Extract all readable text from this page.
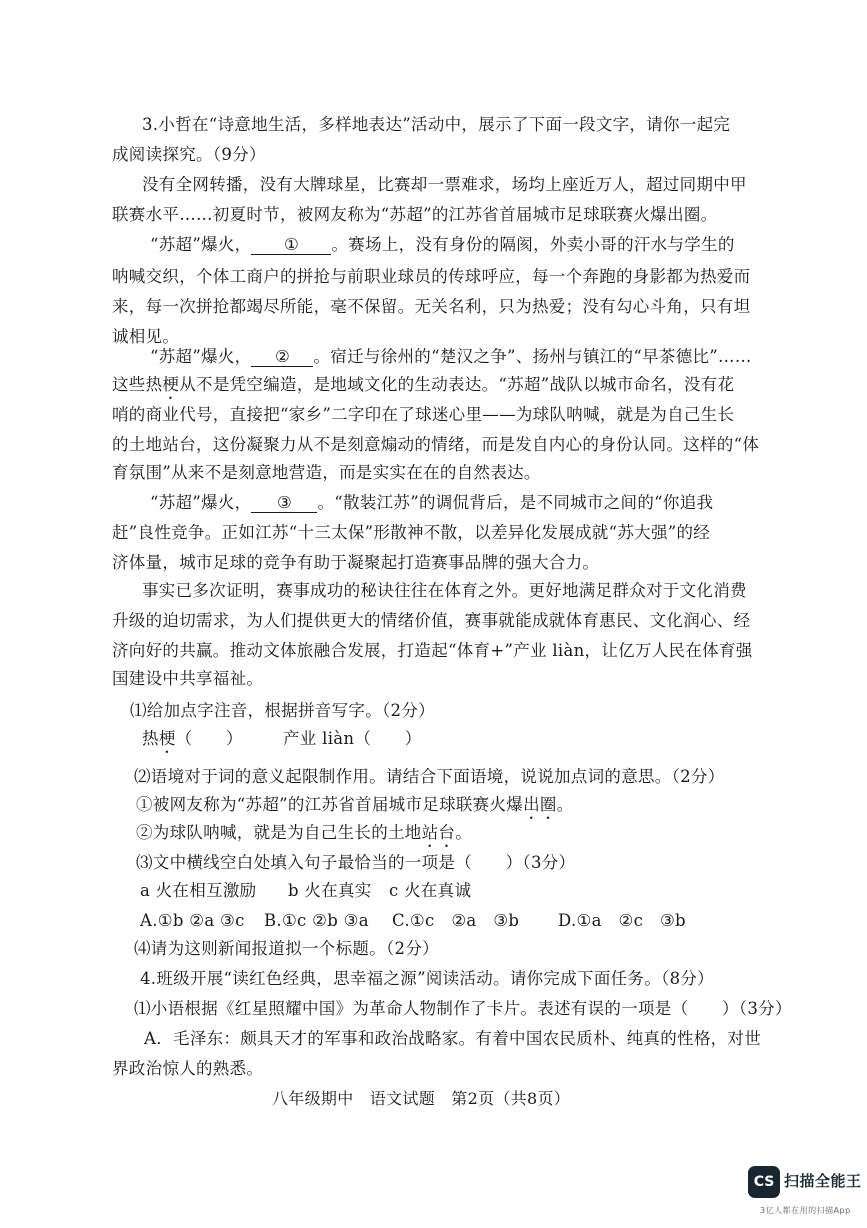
3.小哲在“诗意地生活，多样地表达”活动中，展示了下面一段文字，请你一起完
成阅读探究。（9分）
没有全网转播，没有大牌球星，比赛却一票难求，场均上座近万人，超过同期中甲
联赛水平……初夏时节，被网友称为“苏超”的江苏省首届城市足球联赛火爆出圈。
“苏超”爆火， ① 。赛场上，没有身份的隔阂，外卖小哥的汗水与学生的
呐喊交织，个体工商户的拼抢与前职业球员的传球呼应，每一个奔跑的身影都为热爱而
来，每一次拼抢都竭尽所能，毫不保留。无关名利，只为热爱；没有勾心斗角，只有坦
诚相见。
“苏超”爆火， ② 。宿迁与徐州的“楚汉之争”、扬州与镇江的“早茶德比”……
这些热梗从不是凭空编造，是地域文化的生动表达。“苏超”战队以城市命名，没有花
哨的商业代号，直接把“家乡”二字印在了球迷心里——为球队呐喊，就是为自己生长
的土地站台，这份凝聚力从不是刻意煽动的情绪，而是发自内心的身份认同。这样的“体
育氛围”从来不是刻意地营造，而是实实在在的自然表达。
“苏超”爆火， ③ 。“散装江苏”的调侃背后，是不同城市之间的“你追我
赶”良性竞争。正如江苏“十三太保”形散神不散，以差异化发展成就“苏大强”的经
济体量，城市足球的竞争有助于凝聚起打造赛事品牌的强大合力。
事实已多次证明，赛事成功的秘诀往往在体育之外。更好地满足群众对于文化消费
升级的迫切需求，为人们提供更大的情绪价值，赛事就能成就体育惠民、文化润心、经
济向好的共赢。推动文体旅融合发展，打造起“体育+”产业 liàn，让亿万人民在体育强
国建设中共享福祉。
⑴给加点字注音，根据拼音写字。（2分）
热梗（　　） 产业 liàn（　　）
⑵语境对于词的意义起限制作用。请结合下面语境，说说加点词的意思。（2分）
①被网友称为“苏超”的江苏省首届城市足球联赛火爆出圈。
②为球队呐喊，就是为自己生长的土地站台。
⑶文中横线空白处填入句子最恰当的一项是（　　）（3分）
a 火在相互激励 b 火在真实 c 火在真诚
A.①b ②a ③c B.①c ②b ③a C.①c　②a　③b D.①a　②c　③b
⑷请为这则新闻报道拟一个标题。（2分）
4.班级开展“读红色经典，思幸福之源”阅读活动。请你完成下面任务。（8分）
⑴小语根据《红星照耀中国》为革命人物制作了卡片。表述有误的一项是（　　）（3分）
A．毛泽东：颇具天才的军事和政治战略家。有着中国农民质朴、纯真的性格，对世
界政治惊人的熟悉。
八年级期中　语文试题　第2页（共8页）
CS 扫描全能王
3亿人都在用的扫描App
